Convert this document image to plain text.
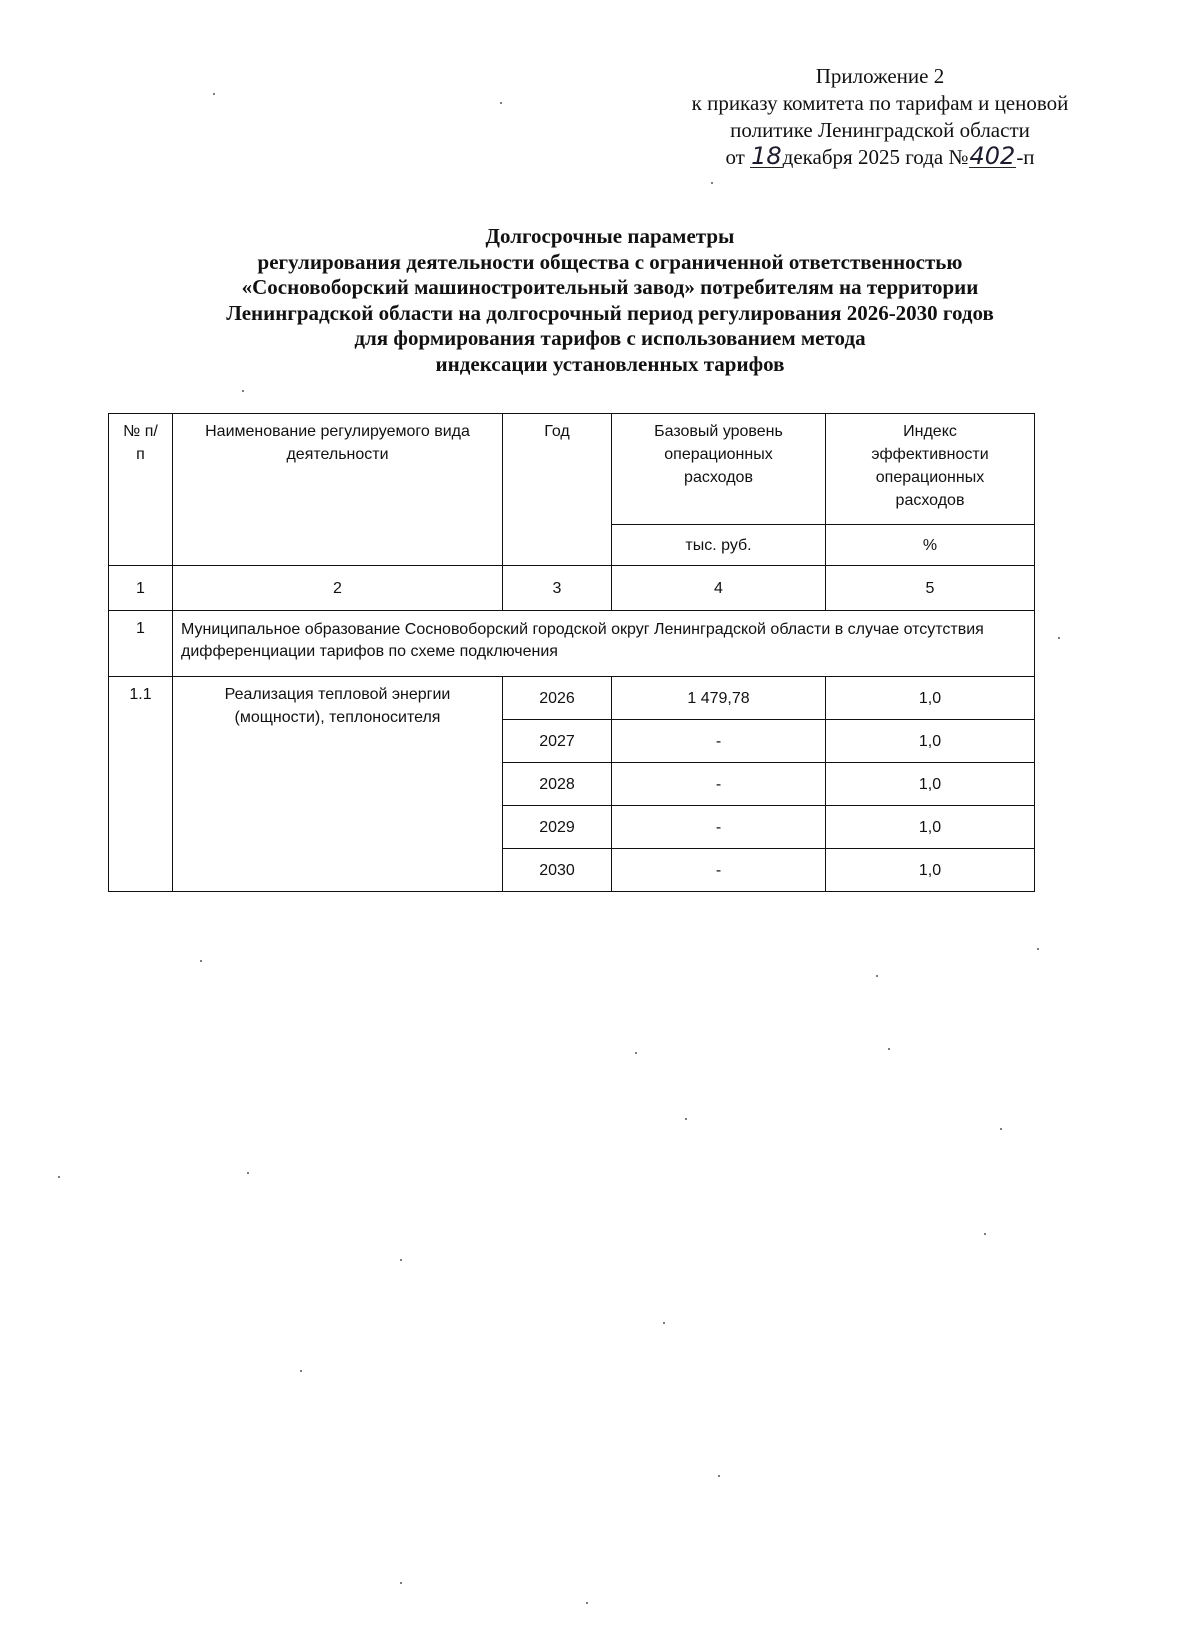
Приложение 2
к приказу комитета по тарифам и ценовой
политике Ленинградской области
от 18декабря 2025 года №402-п
Долгосрочные параметры
регулирования деятельности общества с ограниченной ответственностью
«Сосновоборский машиностроительный завод» потребителям на территории
Ленинградской области на долгосрочный период регулирования 2026-2030 годов
для формирования тарифов с использованием метода
индексации установленных тарифов
№ п/п	Наименование регулируемого вида деятельности	Год	Базовый уровень операционных расходов	Индекс эффективности операционных расходов
			тыс. руб.	%
1	2	3	4	5
1	Муниципальное образование Сосновоборский городской округ Ленинградской области в случае отсутствия дифференциации тарифов по схеме подключения			
1.1	Реализация тепловой энергии (мощности), теплоносителя	2026	1 479,78	1,0
		2027	-	1,0
		2028	-	1,0
		2029	-	1,0
		2030	-	1,0
